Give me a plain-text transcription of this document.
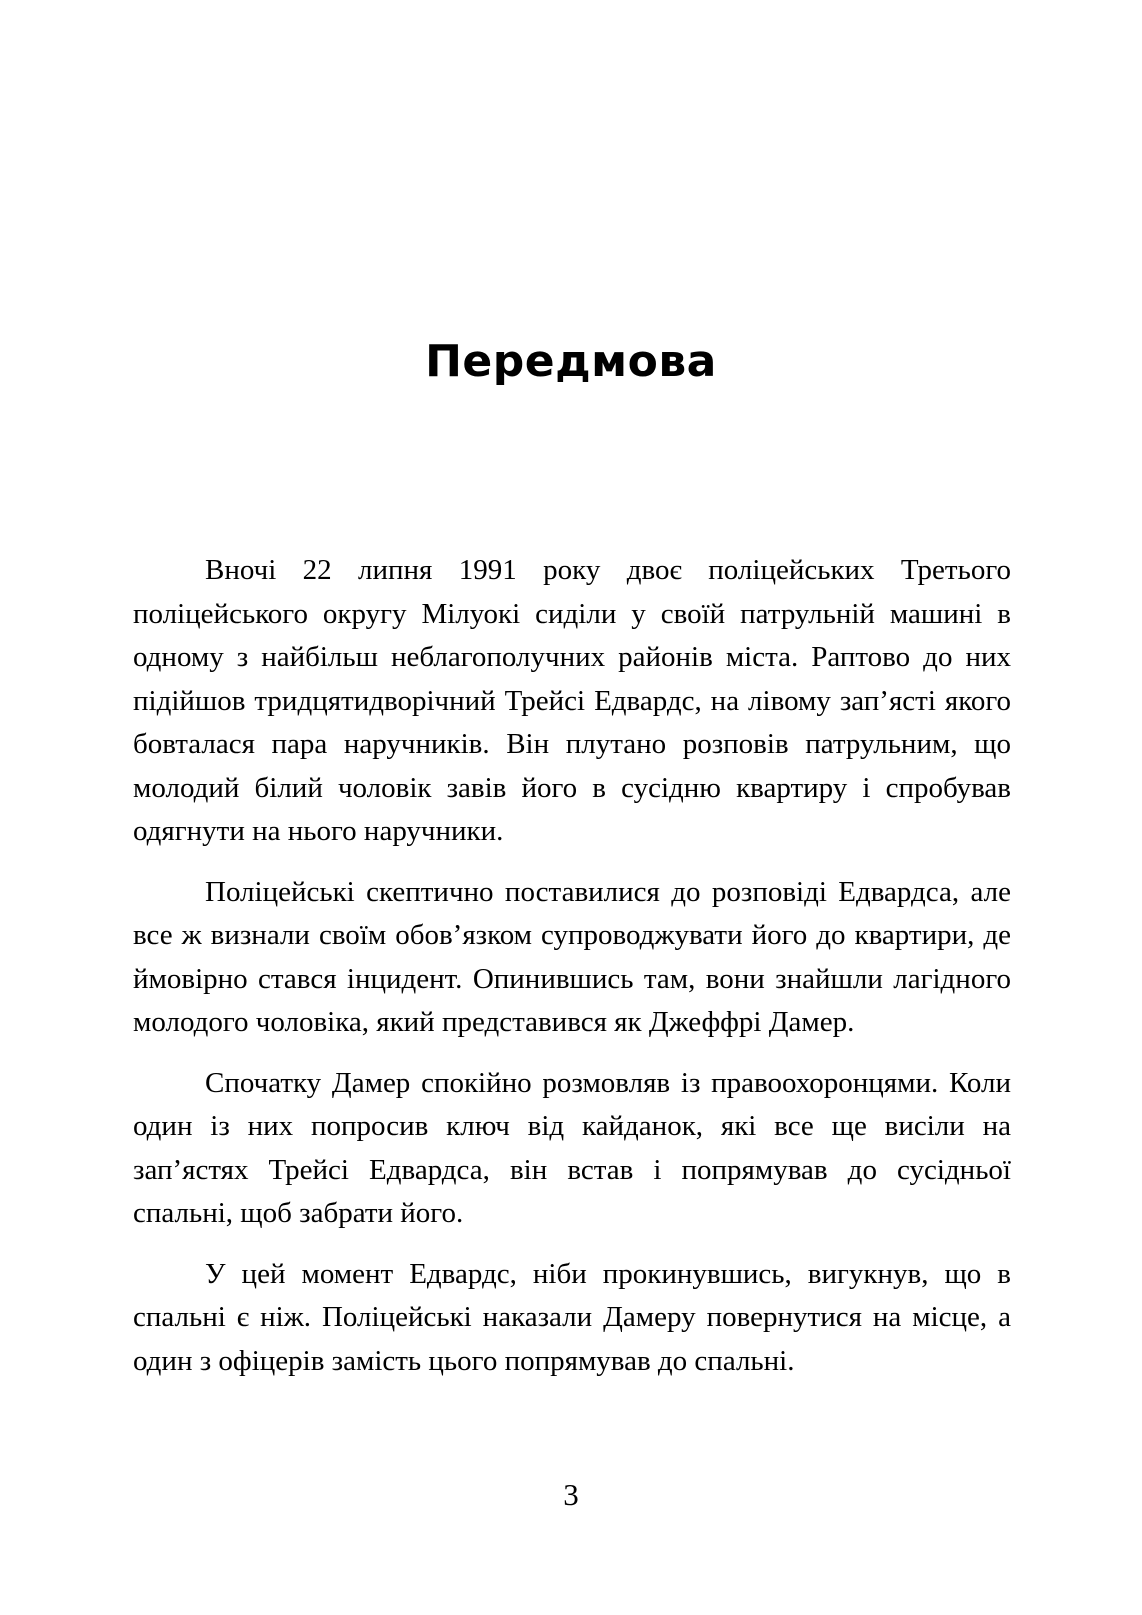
Передмова

Вночі 22 липня 1991 року двоє поліцейських Третього поліцейського округу Мілуокі сиділи у своїй патрульній машині в одному з найбільш неблагополучних районів міста. Раптово до них підійшов тридцятидворічний Трейсі Едвардс, на лівому зап’ясті якого бовталася пара наручників. Він плутано розповів патрульним, що молодий білий чоловік завів його в сусідню квартиру і спробував одягнути на нього наручники.

Поліцейські скептично поставилися до розповіді Едвардса, але все ж визнали своїм обов’язком супроводжувати його до квартири, де ймовірно стався інцидент. Опинившись там, вони знайшли лагідного молодого чоловіка, який представився як Джеффрі Дамер.

Спочатку Дамер спокійно розмовляв із правоохоронцями. Коли один із них попросив ключ від кайданок, які все ще висіли на зап’ястях Трейсі Едвардса, він встав і попрямував до сусідньої спальні, щоб забрати його.

У цей момент Едвардс, ніби прокинувшись, вигукнув, що в спальні є ніж. Поліцейські наказали Дамеру повернутися на місце, а один з офіцерів замість цього попрямував до спальні.

3
